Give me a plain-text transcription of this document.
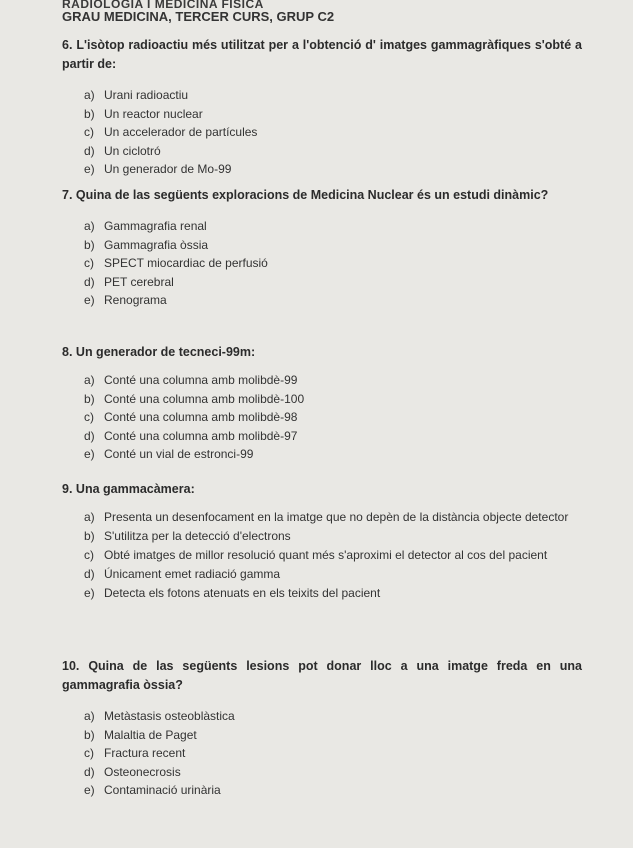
RADIOLOGIA I MEDICINA FISICA
GRAU MEDICINA, TERCER CURS, GRUP C2

6. L'isòtop radioactiu més utilitzat per a l'obtenció d' imatges gammagràfiques s'obté a partir de:

a) Urani radioactiu
b) Un reactor nuclear
c) Un accelerador de partícules
d) Un ciclotró
e) Un generador de Mo-99

7. Quina de las següents exploracions de Medicina Nuclear és un estudi dinàmic?

a) Gammagrafia renal
b) Gammagrafia òssia
c) SPECT miocardiac de perfusió
d) PET cerebral
e) Renograma

8. Un generador de tecneci-99m:

a) Conté una columna amb molibdè-99
b) Conté una columna amb molibdè-100
c) Conté una columna amb molibdè-98
d) Conté una columna amb molibdè-97
e) Conté un vial de estronci-99

9. Una gammacàmera:

a) Presenta un desenfocament en la imatge que no depèn de la distància objecte detector
b) S'utilitza per la detecció d'electrons
c) Obté imatges de millor resolució quant més s'aproximi el detector al cos del pacient
d) Únicament emet radiació gamma
e) Detecta els fotons atenuats en els teixits del pacient

10. Quina de las següents lesions pot donar lloc a una imatge freda en una gammagrafia òssia?

a) Metàstasis osteoblàstica
b) Malaltia de Paget
c) Fractura recent
d) Osteonecrosis
e) Contaminació urinària
